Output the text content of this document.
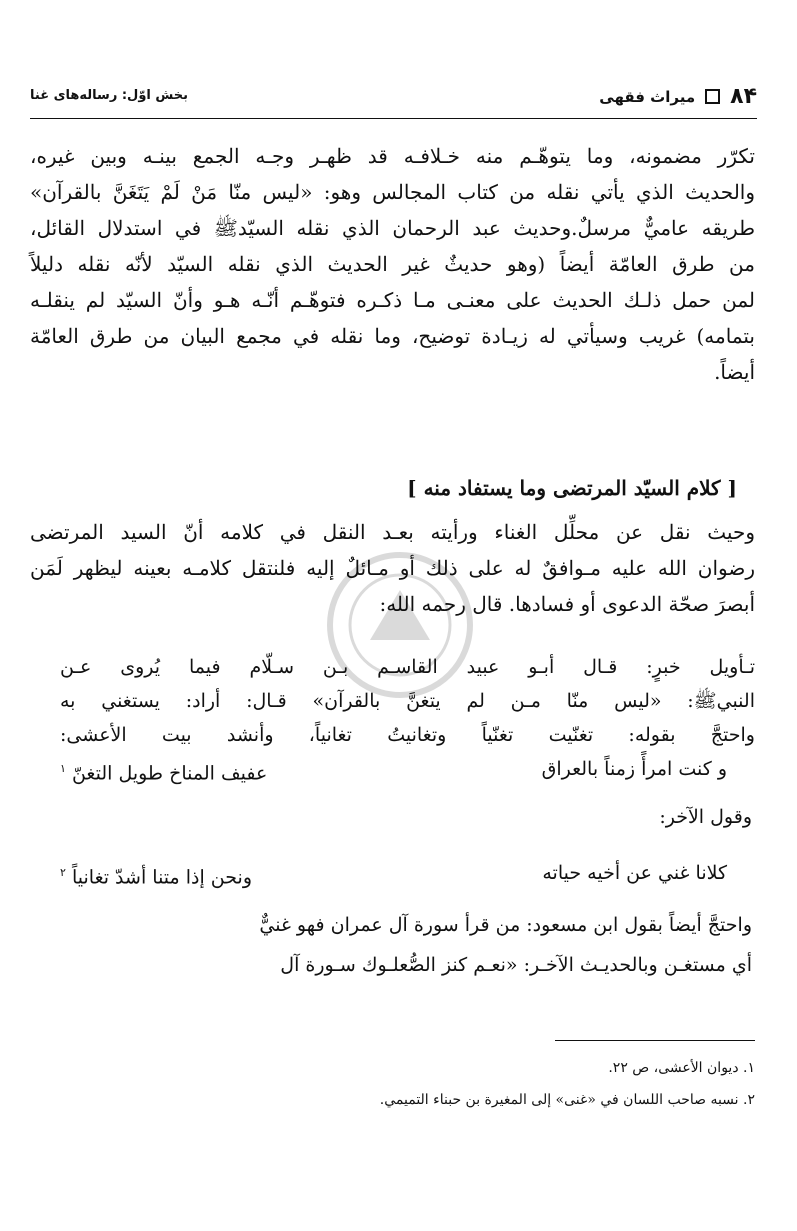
۸۴
میراث فقهی
بخش اوّل: رساله‌های غنا
تكرّر مضمونه، وما يتوهّـم منه خـلافـه قد ظهـر وجـه الجمع بينـه وبين غيره،
والحديث الذي يأتي نقله من كتاب المجالس وهو: «ليس منّا مَنْ لَمْ يَتَغَنَّ بالقرآن»
طريقه عاميٌّ مرسلٌ.وحديث عبد الرحمان الذي نقله السيّدﷺ في استدلال القائل،
من طرق العامّة أيضاً (وهو حديثٌ غير الحديث الذي نقله السيّد لأنّه نقله دليلاً
لمن حمل ذلـك الحديث على معنـى مـا ذكـره فتوهّـم أنّـه هـو وأنّ السيّد لم ينقلـه
بتمامه) غريب وسيأتي له زيـادة توضيح، وما نقله في مجمع البيان من طرق العامّة
أيضاً.
[ كلام السيّد المرتضى وما يستفاد منه ]
وحيث نقل عن محلِّل الغناء ورأيته بعـد النقل في كلامه أنّ السيد المرتضى
رضوان الله عليه مـوافقٌ له على ذلك أو مـائلٌ إليه فلنتقل كلامـه بعينه ليظهر لَمَن
أبصرَ صحّة الدعوى أو فسادها. قال رحمه الله:
تـأويل خبرٍ: قـال أبـو عبيد القاسـم بـن سـلّام فيما يُروى عـن
النبيﷺ: «ليس منّا مـن لم يتغنَّ بالقرآن» قـال: أراد: يستغني به
واحتجَّ بقوله: تغنّيت تغنّياً وتغانيتُ تغانياً، وأنشد بيت الأعشى:
و كنت امرأً زمناً بالعراق
عفيف المناخ طويل التغنّ $^۱$
وقول الآخر:
كلانا غني عن أخيه حياته
ونحن إذا متنا أشدّ تغانياً $^۲$
واحتجَّ أيضاً بقول ابن مسعود: من قرأ سورة آل عمران فهو غنيٌّ
أي مستغـن وبالحديـث الآخـر: «نعـم كنز الصُّعلـوك سـورة آل
۱. ديوان الأعشى، ص ۲۲.
۲. نسبه صاحب اللسان في «غنى» إلى المغيرة بن حبناء التميمي.
